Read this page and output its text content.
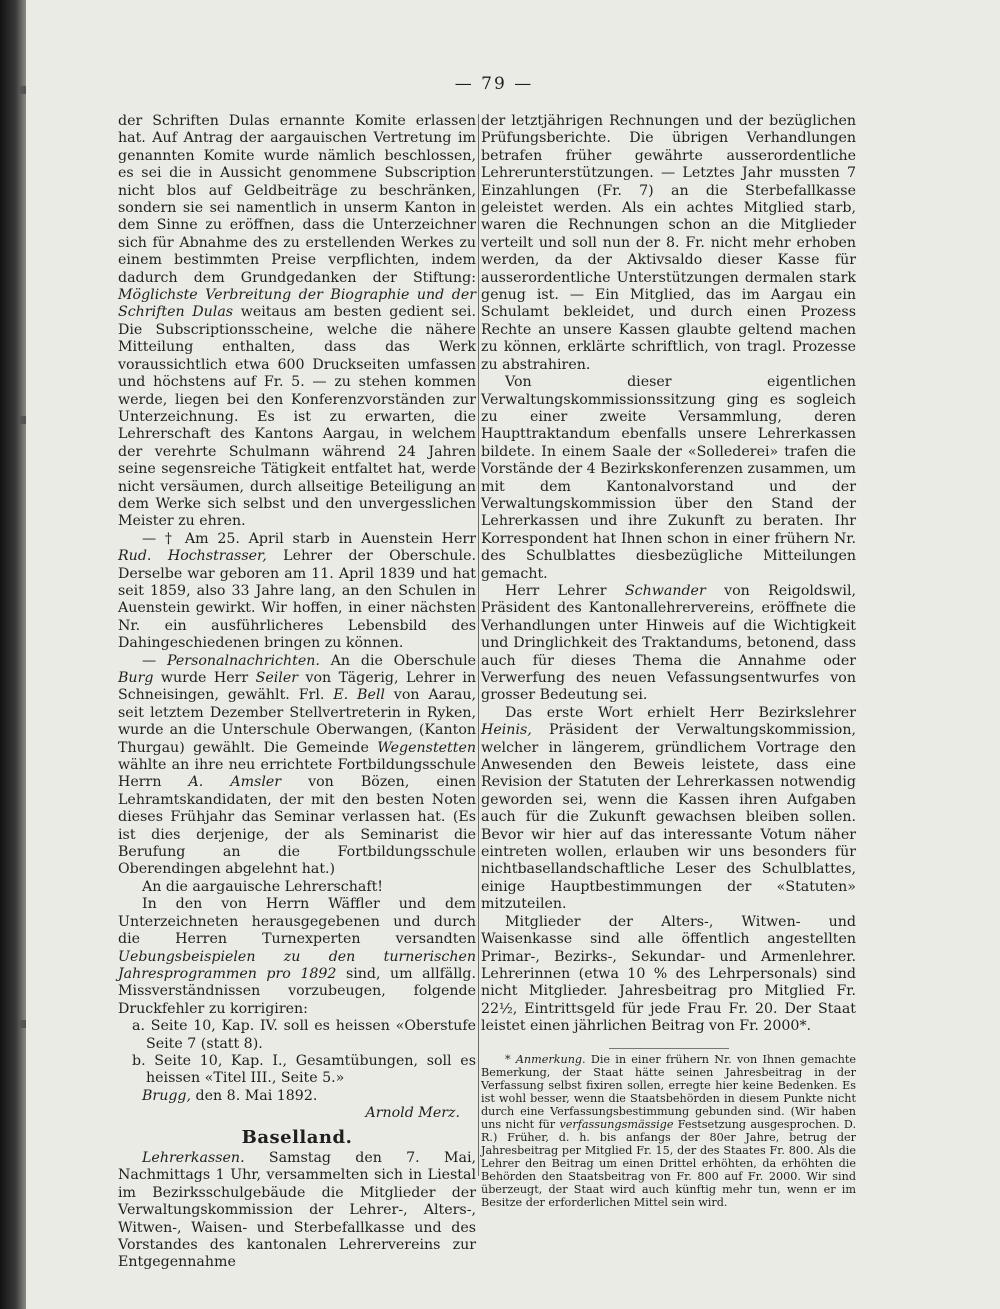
— 79 —

der Schriften Dulas ernannte Komite erlassen hat. Auf Antrag der aargauischen Vertretung im genannten Komite wurde nämlich beschlossen, es sei die in Aussicht genommene Subscription nicht blos auf Geldbeiträge zu beschränken, sondern sie sei namentlich in unserm Kanton in dem Sinne zu eröffnen, dass die Unterzeichner sich für Abnahme des zu erstellenden Werkes zu einem bestimmten Preise verpflichten, indem dadurch dem Grundgedanken der Stiftung: Möglichste Verbreitung der Biographie und der Schriften Dulas weitaus am besten gedient sei. Die Subscriptionsscheine, welche die nähere Mitteilung enthalten, dass das Werk voraussichtlich etwa 600 Druckseiten umfassen und höchstens auf Fr. 5. — zu stehen kommen werde, liegen bei den Konferenzvorständen zur Unterzeichnung. Es ist zu erwarten, die Lehrerschaft des Kantons Aargau, in welchem der verehrte Schulmann während 24 Jahren seine segensreiche Tätigkeit entfaltet hat, werde nicht versäumen, durch allseitige Beteiligung an dem Werke sich selbst und den unvergesslichen Meister zu ehren.

— † Am 25. April starb in Auenstein Herr Rud. Hochstrasser, Lehrer der Oberschule. Derselbe war geboren am 11. April 1839 und hat seit 1859, also 33 Jahre lang, an den Schulen in Auenstein gewirkt. Wir hoffen, in einer nächsten Nr. ein ausführlicheres Lebensbild des Dahingeschiedenen bringen zu können.

— Personalnachrichten. An die Oberschule Burg wurde Herr Seiler von Tägerig, Lehrer in Schneisingen, gewählt. Frl. E. Bell von Aarau, seit letztem Dezember Stellvertreterin in Ryken, wurde an die Unterschule Oberwangen, (Kanton Thurgau) gewählt. Die Gemeinde Wegenstetten wählte an ihre neu errichtete Fortbildungsschule Herrn A. Amsler von Bözen, einen Lehramtskandidaten, der mit den besten Noten dieses Frühjahr das Seminar verlassen hat. (Es ist dies derjenige, der als Seminarist die Berufung an die Fortbildungsschule Oberendingen abgelehnt hat.)

An die aargauische Lehrerschaft!

In den von Herrn Wäffler und dem Unterzeichneten herausgegebenen und durch die Herren Turnexperten versandten Uebungsbeispielen zu den turnerischen Jahresprogrammen pro 1892 sind, um allfällg. Missverständnissen vorzubeugen, folgende Druckfehler zu korrigiren:

a. Seite 10, Kap. IV. soll es heissen «Oberstufe Seite 7 (statt 8).

b. Seite 10, Kap. I., Gesamtübungen, soll es heissen «Titel III., Seite 5.»

Brugg, den 8. Mai 1892.

Arnold Merz.

Baselland.

Lehrerkassen. Samstag den 7. Mai, Nachmittags 1 Uhr, versammelten sich in Liestal im Bezirksschulgebäude die Mitglieder der Verwaltungskommission der Lehrer-, Alters-, Witwen-, Waisen- und Sterbefallkasse und des Vorstandes des kantonalen Lehrervereins zur Entgegennahme

der letztjährigen Rechnungen und der bezüglichen Prüfungsberichte. Die übrigen Verhandlungen betrafen früher gewährte ausserordentliche Lehrerunterstützungen. — Letztes Jahr mussten 7 Einzahlungen (Fr. 7) an die Sterbefallkasse geleistet werden. Als ein achtes Mitglied starb, waren die Rechnungen schon an die Mitglieder verteilt und soll nun der 8. Fr. nicht mehr erhoben werden, da der Aktivsaldo dieser Kasse für ausserordentliche Unterstützungen dermalen stark genug ist. — Ein Mitglied, das im Aargau ein Schulamt bekleidet, und durch einen Prozess Rechte an unsere Kassen glaubte geltend machen zu können, erklärte schriftlich, von tragl. Prozesse zu abstrahiren.

Von dieser eigentlichen Verwaltungskommissionssitzung ging es sogleich zu einer zweite Versammlung, deren Haupttraktandum ebenfalls unsere Lehrerkassen bildete. In einem Saale der «Sollederei» trafen die Vorstände der 4 Bezirkskonferenzen zusammen, um mit dem Kantonalvorstand und der Verwaltungskommission über den Stand der Lehrerkassen und ihre Zukunft zu beraten. Ihr Korrespondent hat Ihnen schon in einer frühern Nr. des Schulblattes diesbezügliche Mitteilungen gemacht.

Herr Lehrer Schwander von Reigoldswil, Präsident des Kantonallehrervereins, eröffnete die Verhandlungen unter Hinweis auf die Wichtigkeit und Dringlichkeit des Traktandums, betonend, dass auch für dieses Thema die Annahme oder Verwerfung des neuen Vefassungsentwurfes von grosser Bedeutung sei.

Das erste Wort erhielt Herr Bezirkslehrer Heinis, Präsident der Verwaltungskommission, welcher in längerem, gründlichem Vortrage den Anwesenden den Beweis leistete, dass eine Revision der Statuten der Lehrerkassen notwendig geworden sei, wenn die Kassen ihren Aufgaben auch für die Zukunft gewachsen bleiben sollen. Bevor wir hier auf das interessante Votum näher eintreten wollen, erlauben wir uns besonders für nichtbasellandschaftliche Leser des Schulblattes, einige Hauptbestimmungen der «Statuten» mitzuteilen.

Mitglieder der Alters-, Witwen- und Waisenkasse sind alle öffentlich angestellten Primar-, Bezirks-, Sekundar- und Armenlehrer. Lehrerinnen (etwa 10 % des Lehrpersonals) sind nicht Mitglieder. Jahresbeitrag pro Mitglied Fr. 22½, Eintrittsgeld für jede Frau Fr. 20. Der Staat leistet einen jährlichen Beitrag von Fr. 2000*.

* Anmerkung. Die in einer frühern Nr. von Ihnen gemachte Bemerkung, der Staat hätte seinen Jahresbeitrag in der Verfassung selbst fixiren sollen, erregte hier keine Bedenken. Es ist wohl besser, wenn die Staatsbehörden in diesem Punkte nicht durch eine Verfassungsbestimmung gebunden sind. (Wir haben uns nicht für verfassungsmässige Festsetzung ausgesprochen. D. R.) Früher, d. h. bis anfangs der 80er Jahre, betrug der Jahresbeitrag per Mitglied Fr. 15, der des Staates Fr. 800. Als die Lehrer den Beitrag um einen Drittel erhöhten, da erhöhten die Behörden den Staatsbeitrag von Fr. 800 auf Fr. 2000. Wir sind überzeugt, der Staat wird auch künftig mehr tun, wenn er im Besitze der erforderlichen Mittel sein wird.
